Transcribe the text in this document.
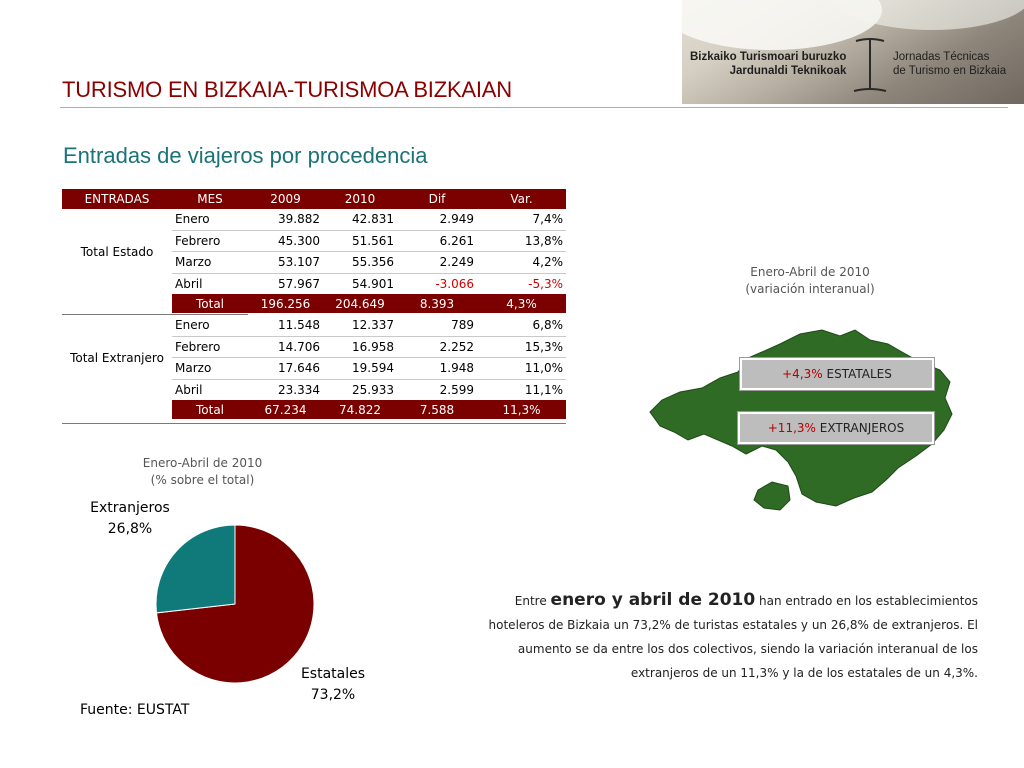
TURISMO EN BIZKAIA-TURISMOA BIZKAIAN
Entradas de viajeros por procedencia
Bizkaiko Turismoari buruzko
Jardunaldi Teknikoak
Jornadas Técnicas
de Turismo en Bizkaia
ENTRADAS	MES	2009	2010	Dif	Var.
Total Estado	Enero	39.882	42.831	2.949	7,4%
	Febrero	45.300	51.561	6.261	13,8%
	Marzo	53.107	55.356	2.249	4,2%
	Abril	57.967	54.901	-3.066	-5,3%
	Total	196.256	204.649	8.393	4,3%

Total Extranjero	Enero	11.548	12.337	789	6,8%
	Febrero	14.706	16.958	2.252	15,3%
	Marzo	17.646	19.594	1.948	11,0%
	Abril	23.334	25.933	2.599	11,1%
	Total	67.234	74.822	7.588	11,3%
Enero-Abril de 2010
(% sobre el total)
Extranjeros
26,8%
Estatales
73,2%
Fuente: EUSTAT
Enero-Abril de 2010
(variación interanual)
+4,3% ESTATALES
+11,3% EXTRANJEROS
Entre enero y abril de 2010 han entrado en los establecimientos hoteleros de Bizkaia un 73,2% de turistas estatales y un 26,8% de extranjeros. El aumento se da entre los dos colectivos, siendo la variación interanual de los extranjeros de un 11,3% y la de los estatales de un 4,3%.
